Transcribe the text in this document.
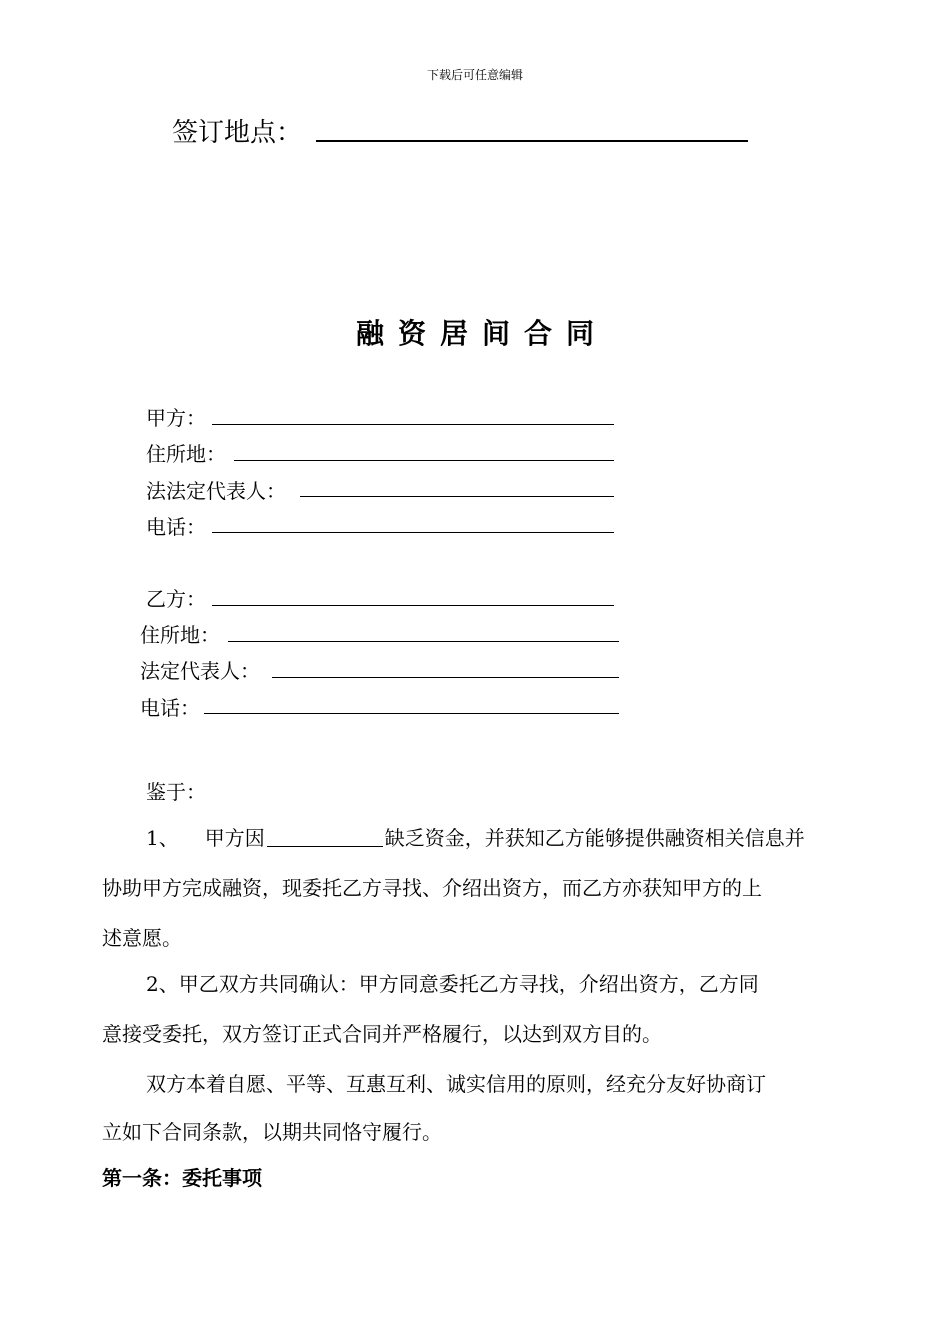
下载后可任意编辑
签订地点：
融资居间合同
甲方：
住所地：
法法定代表人：
电话：
乙方：
住所地：
法定代表人：
电话：
鉴于：
1、 甲方因	缺乏资金，并获知乙方能够提供融资相关信息并
协助甲方完成融资，现委托乙方寻找、介绍出资方，而乙方亦获知甲方的上
述意愿。
2、甲乙双方共同确认：甲方同意委托乙方寻找，介绍出资方，乙方同
意接受委托，双方签订正式合同并严格履行，以达到双方目的。
双方本着自愿、平等、互惠互利、诚实信用的原则，经充分友好协商订
立如下合同条款，以期共同恪守履行。
第一条：委托事项
